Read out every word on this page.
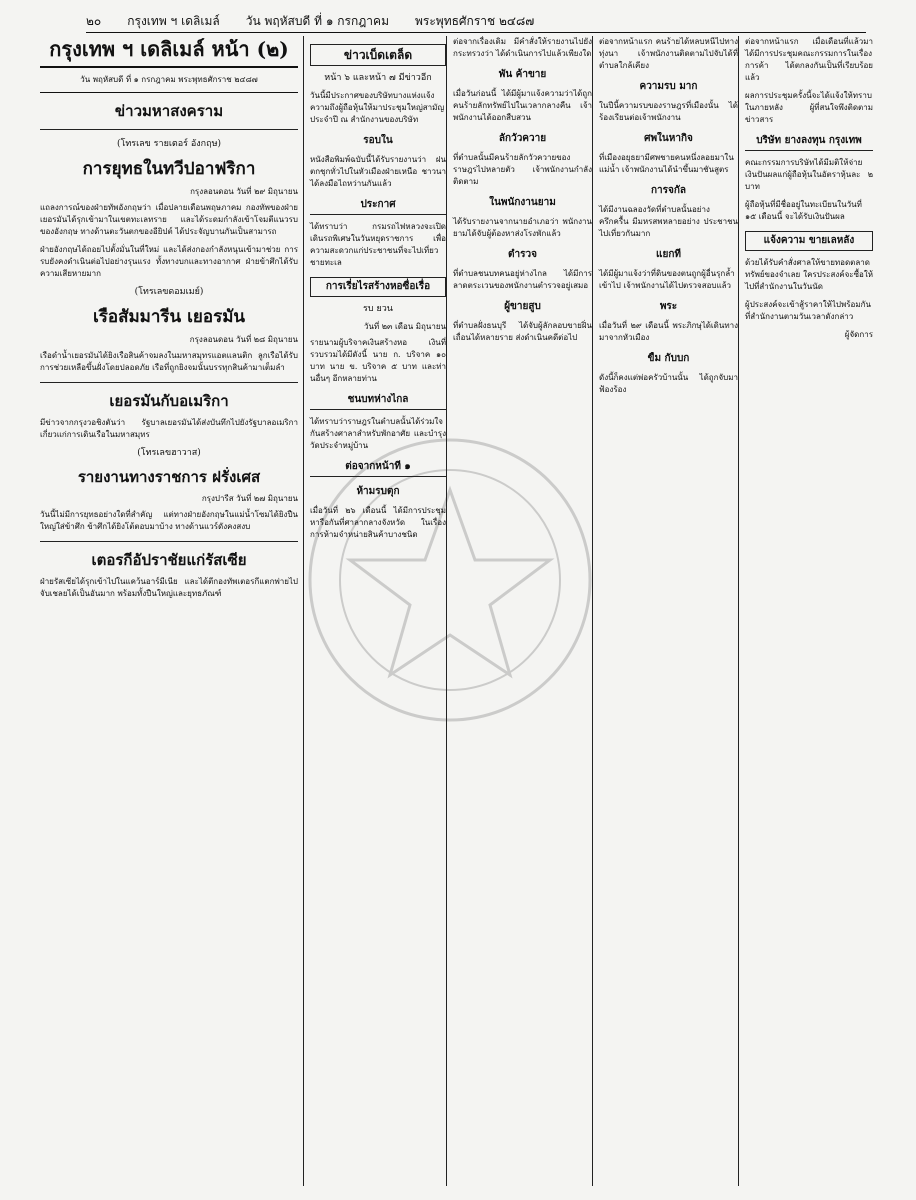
๒๐ กรุงเทพ ฯ เดลิเมล์ วัน พฤหัสบดี ที่ ๑ กรกฎาคม พระพุทธศักราช ๒๔๘๗
กรุงเทพ ฯ เดลิเมล์ หน้า (๒)
วัน พฤหัสบดี ที่ ๑ กรกฎาคม พระพุทธศักราช ๒๔๘๗
ข่าวมหาสงคราม
(โทรเลข รายเตอร์ อังกฤษ)
การยุทธในทวีปอาฟริกา
กรุงลอนดอน วันที่ ๒๙ มิถุนายน

แถลงการณ์ของฝ่ายทัพอังกฤษว่า เมื่อปลายเดือนพฤษภาคม กองทัพของฝ่ายเยอรมันได้รุกเข้ามาในเขตทะเลทราย และได้ระดมกำลังเข้าโจมตีแนวรบของอังกฤษ ทางด้านตะวันตกของอียิปต์ ได้ประจัญบานกันเป็นสามารถ

ฝ่ายอังกฤษได้ถอยไปตั้งมั่นในที่ใหม่ และได้ส่งกองกำลังหนุนเข้ามาช่วย การรบยังคงดำเนินต่อไปอย่างรุนแรง ทั้งทางบกและทางอากาศ ฝ่ายข้าศึกได้รับความเสียหายมาก

(โทรเลขดอมเมย์)
เรือสัมมารีน เยอรมัน
กรุงลอนดอน วันที่ ๒๘ มิถุนายน

เรือดำน้ำเยอรมันได้ยิงเรือสินค้าจมลงในมหาสมุทรแอตแลนติก ลูกเรือได้รับการช่วยเหลือขึ้นฝั่งโดยปลอดภัย เรือที่ถูกยิงจมนั้นบรรทุกสินค้ามาเต็มลำ

เยอรมันกับอเมริกา

มีข่าวจากกรุงวอชิงตันว่า รัฐบาลเยอรมันได้ส่งบันทึกไปยังรัฐบาลอเมริกา เกี่ยวแก่การเดินเรือในมหาสมุทร

(โทรเลขฮาวาส)
รายงานทางราชการ ฝรั่งเศส
กรุงปารีส วันที่ ๒๗ มิถุนายน

วันนี้ไม่มีการยุทธอย่างใดที่สำคัญ แต่ทางฝ่ายอังกฤษในแม่น้ำโซมได้ยิงปืนใหญ่ใส่ข้าศึก ข้าศึกได้ยิงโต้ตอบมาบ้าง ทางด้านแวร์ดังคงสงบ

เตอรกีอัปราชัยแก่รัสเซีย

ฝ่ายรัสเซียได้รุกเข้าไปในแคว้นอาร์มีเนีย และได้ตีกองทัพเตอรกีแตกพ่ายไป จับเชลยได้เป็นอันมาก พร้อมทั้งปืนใหญ่และยุทธภัณฑ์

ข่าวเบ็ดเตล็ด
หน้า ๖ และหน้า ๗ มีข่าวอีก

วันนี้มีประกาศของบริษัทบางแห่งแจ้งความถึงผู้ถือหุ้นให้มาประชุมใหญ่สามัญประจำปี ณ สำนักงานของบริษัท

รอบใน

หนังสือพิมพ์ฉบับนี้ได้รับรายงานว่า ฝนตกชุกทั่วไปในหัวเมืองฝ่ายเหนือ ชาวนาได้ลงมือไถหว่านกันแล้ว

ประกาศ

ได้ทราบว่า กรมรถไฟหลวงจะเปิดเดินรถพิเศษในวันหยุดราชการ เพื่อความสะดวกแก่ประชาชนที่จะไปเที่ยวชายทะเล

การเรี่ยไรสร้างหอซื่อเรื่อ
รบ ยวน
วันที่ ๒๓ เดือน มิถุนายน

รายนามผู้บริจาคเงินสร้างหอ เงินที่รวบรวมได้มีดังนี้ นาย ก. บริจาค ๑๐ บาท นาย ข. บริจาค ๕ บาท และท่านอื่นๆ อีกหลายท่าน

ชนบทห่างไกล

ได้ทราบว่าราษฎรในตำบลนั้นได้ร่วมใจกันสร้างศาลาสำหรับพักอาศัย และบำรุงวัดประจำหมู่บ้าน

ต่อจากหน้าที่ ๑
ห้ามรบตุก

เมื่อวันที่ ๒๖ เดือนนี้ ได้มีการประชุมหารือกันที่ศาลากลางจังหวัด ในเรื่องการห้ามจำหน่ายสินค้าบางชนิด

ต่อจากเรื่องเดิม มีคำสั่งให้รายงานไปยังกระทรวงว่า ได้ดำเนินการไปแล้วเพียงใด

พัน ค้าขาย

เมื่อวันก่อนนี้ ได้มีผู้มาแจ้งความว่าได้ถูกคนร้ายลักทรัพย์ไปในเวลากลางคืน เจ้าพนักงานได้ออกสืบสวน

ลักวัวควาย

ที่ตำบลนั้นมีคนร้ายลักวัวควายของราษฎรไปหลายตัว เจ้าพนักงานกำลังติดตาม

ในพนักงานยาม

ได้รับรายงานจากนายอำเภอว่า พนักงานยามได้จับผู้ต้องหาส่งโรงพักแล้ว

ตำรวจ

ที่ตำบลชนบทคนอยู่ห่างไกล ได้มีการลาดตระเวนของพนักงานตำรวจอยู่เสมอ

ผู้ขายสูบ

ที่ตำบลฝั่งธนบุรี ได้จับผู้ลักลอบขายฝิ่นเถื่อนได้หลายราย ส่งดำเนินคดีต่อไป

ต่อจากหน้าแรก คนร้ายได้หลบหนีไปทางทุ่งนา เจ้าพนักงานติดตามไปจับได้ที่ตำบลใกล้เคียง

ความรบ มาก

ในปีนี้ความรบของราษฎรที่เมืองนั้น ได้ร้องเรียนต่อเจ้าพนักงาน

ศพในหากิจ

ที่เมืองอยุธยามีศพชายคนหนึ่งลอยมาในแม่น้ำ เจ้าพนักงานได้นำขึ้นมาชันสูตร

การจกัล

ได้มีงานฉลองวัดที่ตำบลนั้นอย่างครึกครื้น มีมหรสพหลายอย่าง ประชาชนไปเที่ยวกันมาก

แยกที่

ได้มีผู้มาแจ้งว่าที่ดินของตนถูกผู้อื่นรุกล้ำเข้าไป เจ้าพนักงานได้ไปตรวจสอบแล้ว

พระ

เมื่อวันที่ ๒๙ เดือนนี้ พระภิกษุได้เดินทางมาจากหัวเมือง

ขื้ม กับบก

ดังนี้ก็คงแต่พ่อครัวบ้านนั้น ได้ถูกจับมาฟ้องร้อง

ต่อจากหน้าแรก เมื่อเดือนที่แล้วมา ได้มีการประชุมคณะกรรมการในเรื่องการค้า ได้ตกลงกันเป็นที่เรียบร้อยแล้ว

ผลการประชุมครั้งนี้จะได้แจ้งให้ทราบในภายหลัง ผู้ที่สนใจพึงติดตามข่าวสาร

บริษัท ยางลงทุน กรุงเทพ

คณะกรรมการบริษัทได้มีมติให้จ่ายเงินปันผลแก่ผู้ถือหุ้นในอัตราหุ้นละ ๒ บาท

ผู้ถือหุ้นที่มีชื่ออยู่ในทะเบียนในวันที่ ๑๕ เดือนนี้ จะได้รับเงินปันผล

แจ้งความ ขายเลหลัง

ด้วยได้รับคำสั่งศาลให้ขายทอดตลาดทรัพย์ของจำเลย ใครประสงค์จะซื้อให้ไปที่สำนักงานในวันนัด

ผู้ประสงค์จะเข้าสู้ราคาให้ไปพร้อมกันที่สำนักงานตามวันเวลาดังกล่าว

ผู้จัดการ
